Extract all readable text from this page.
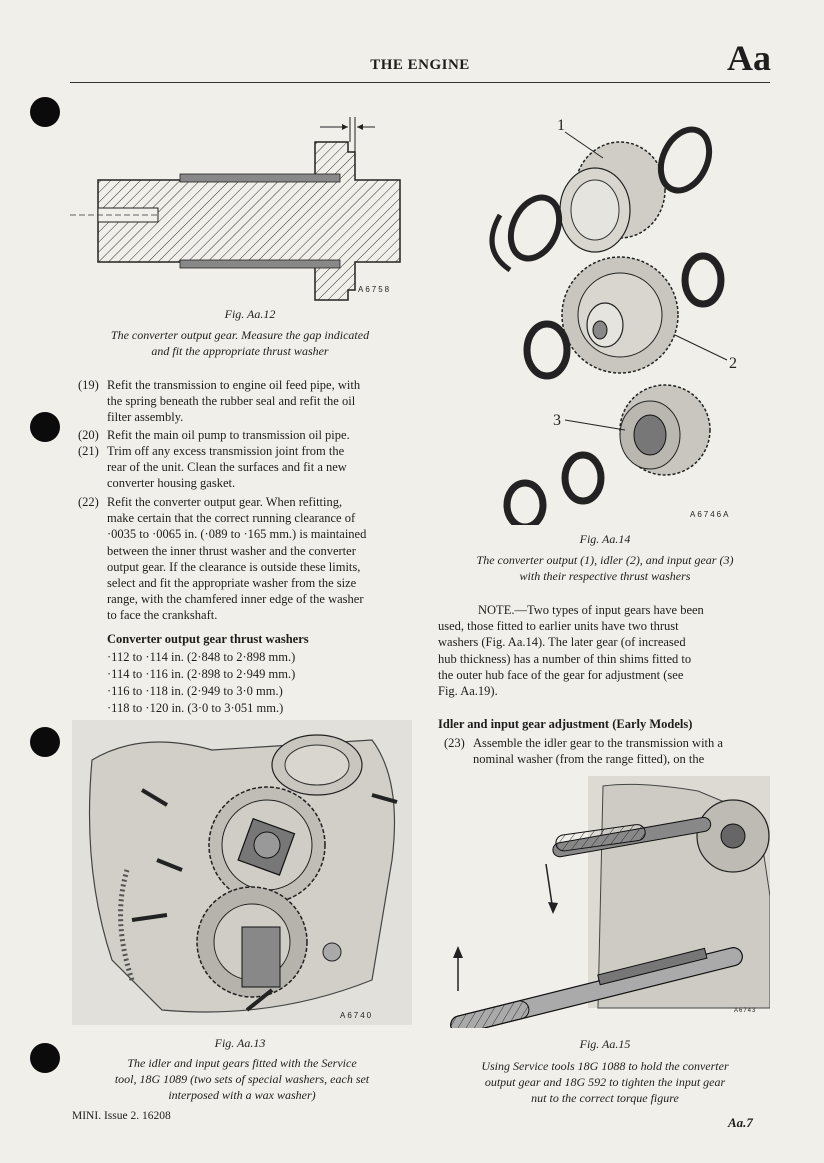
THE ENGINE	Aa
A6758
Fig. Aa.12
The converter output gear. Measure the gap indicated
and fit the appropriate thrust washer
(19) Refit the transmission to engine oil feed pipe, with
the spring beneath the rubber seal and refit the oil
filter assembly.
(20) Refit the main oil pump to transmission oil pipe.
(21) Trim off any excess transmission joint from the
rear of the unit. Clean the surfaces and fit a new
converter housing gasket.
(22) Refit the converter output gear. When refitting,
make certain that the correct running clearance of
·0035 to ·0065 in. (·089 to ·165 mm.) is maintained
between the inner thrust washer and the converter
output gear. If the clearance is outside these limits,
select and fit the appropriate washer from the size
range, with the chamfered inner edge of the washer
to face the crankshaft.
Converter output gear thrust washers
·112 to ·114 in. (2·848 to 2·898 mm.)
·114 to ·116 in. (2·898 to 2·949 mm.)
·116 to ·118 in. (2·949 to 3·0 mm.)
·118 to ·120 in. (3·0 to 3·051 mm.)
A6740
Fig. Aa.13
The idler and input gears fitted with the Service
tool, 18G 1089 (two sets of special washers, each set
interposed with a wax washer)
1
2
3
A6746A
Fig. Aa.14
The converter output (1), idler (2), and input gear (3)
with their respective thrust washers
NOTE.—Two types of input gears have been
used, those fitted to earlier units have two thrust
washers (Fig. Aa.14). The later gear (of increased
hub thickness) has a number of thin shims fitted to
the outer hub face of the gear for adjustment (see
Fig. Aa.19).
Idler and input gear adjustment (Early Models)
(23) Assemble the idler gear to the transmission with a
nominal washer (from the range fitted), on the
A6743
Fig. Aa.15
Using Service tools 18G 1088 to hold the converter
output gear and 18G 592 to tighten the input gear
nut to the correct torque figure
MINI. Issue 2. 16208	Aa.7
